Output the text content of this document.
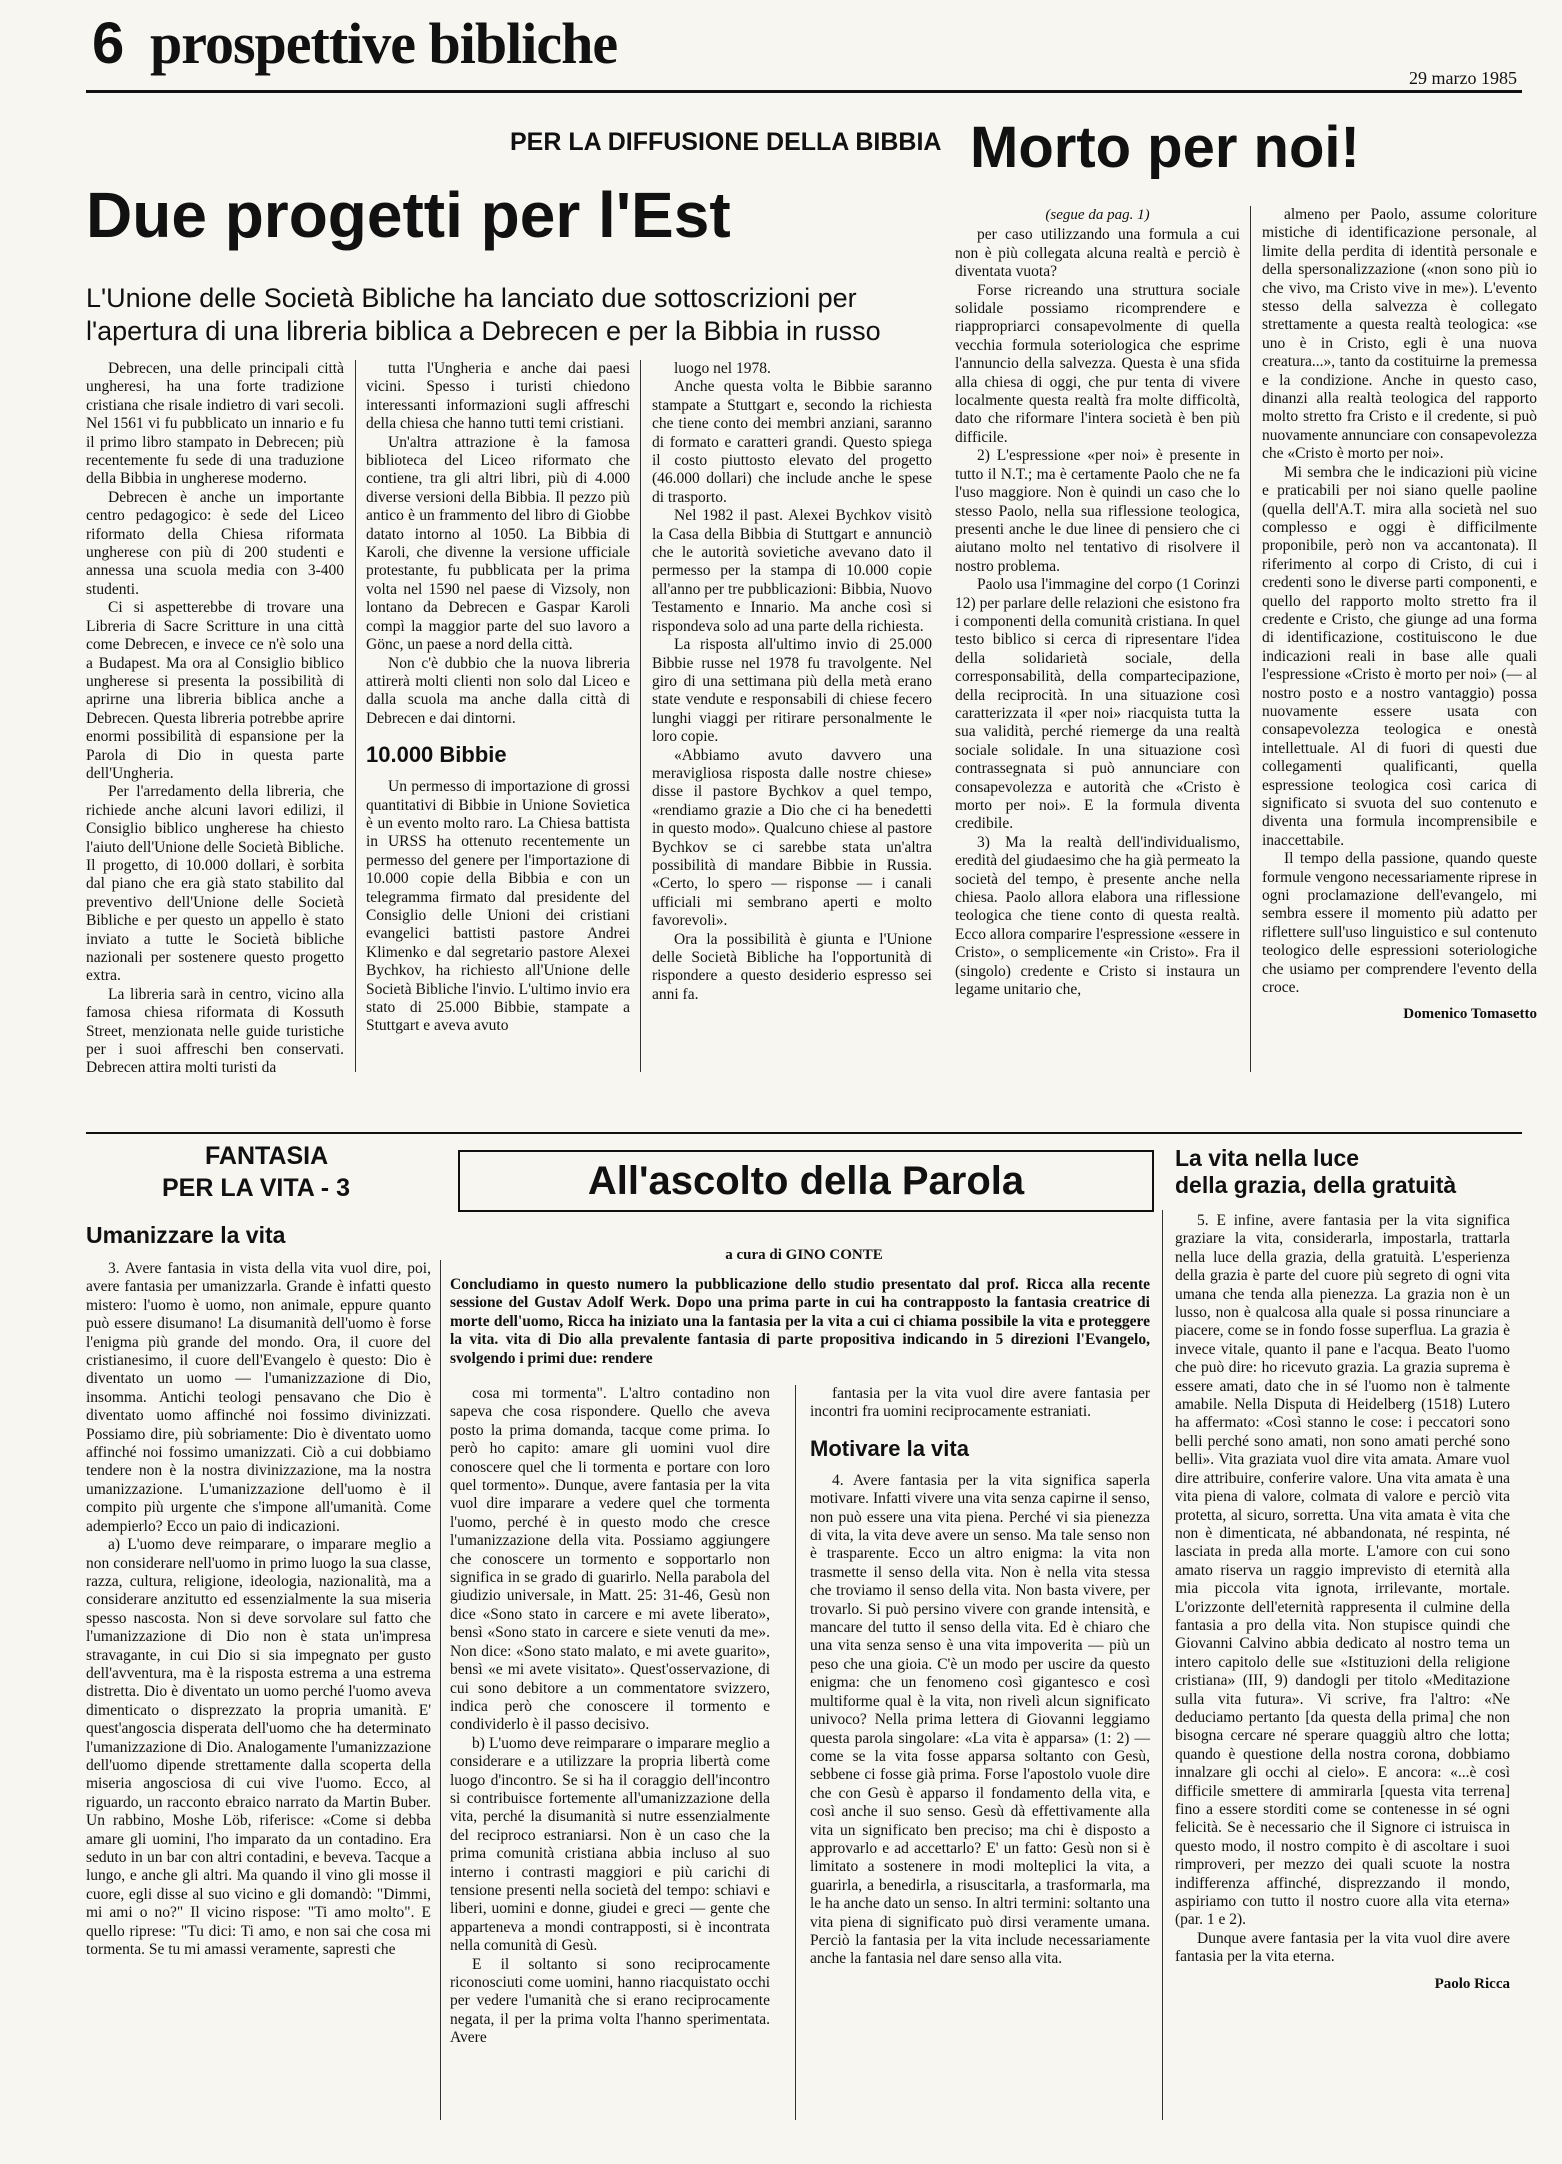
6 prospettive bibliche
29 marzo 1985
PER LA DIFFUSIONE DELLA BIBBIA
Due progetti per l'Est
L'Unione delle Società Bibliche ha lanciato due sottoscrizioni per l'apertura di una libreria biblica a Debrecen e per la Bibbia in russo

Debrecen, una delle principali città ungheresi, ha una forte tradizione cristiana che risale indietro di vari secoli. Nel 1561 vi fu pubblicato un innario e fu il primo libro stampato in Debrecen; più recentemente fu sede di una traduzione della Bibbia in ungherese moderno.

Debrecen è anche un importante centro pedagogico: è sede del Liceo riformato della Chiesa riformata ungherese con più di 200 studenti e annessa una scuola media con 3-400 studenti.

Ci si aspetterebbe di trovare una Libreria di Sacre Scritture in una città come Debrecen, e invece ce n'è solo una a Budapest. Ma ora al Consiglio biblico ungherese si presenta la possibilità di aprirne una libreria biblica anche a Debrecen. Questa libreria potrebbe aprire enormi possibilità di espansione per la Parola di Dio in questa parte dell'Ungheria.

Per l'arredamento della libreria, che richiede anche alcuni lavori edilizi, il Consiglio biblico ungherese ha chiesto l'aiuto dell'Unione delle Società Bibliche. Il progetto, di 10.000 dollari, è sorbita dal piano che era già stato stabilito dal preventivo dell'Unione delle Società Bibliche e per questo un appello è stato inviato a tutte le Società bibliche nazionali per sostenere questo progetto extra.

La libreria sarà in centro, vicino alla famosa chiesa riformata di Kossuth Street, menzionata nelle guide turistiche per i suoi affreschi ben conservati. Debrecen attira molti turisti da

tutta l'Ungheria e anche dai paesi vicini. Spesso i turisti chiedono interessanti informazioni sugli affreschi della chiesa che hanno tutti temi cristiani.

Un'altra attrazione è la famosa biblioteca del Liceo riformato che contiene, tra gli altri libri, più di 4.000 diverse versioni della Bibbia. Il pezzo più antico è un frammento del libro di Giobbe datato intorno al 1050. La Bibbia di Karoli, che divenne la versione ufficiale protestante, fu pubblicata per la prima volta nel 1590 nel paese di Vizsoly, non lontano da Debrecen e Gaspar Karoli compì la maggior parte del suo lavoro a Gönc, un paese a nord della città.

Non c'è dubbio che la nuova libreria attirerà molti clienti non solo dal Liceo e dalla scuola ma anche dalla città di Debrecen e dai dintorni.

10.000 Bibbie

Un permesso di importazione di grossi quantitativi di Bibbie in Unione Sovietica è un evento molto raro. La Chiesa battista in URSS ha ottenuto recentemente un permesso del genere per l'importazione di 10.000 copie della Bibbia e con un telegramma firmato dal presidente del Consiglio delle Unioni dei cristiani evangelici battisti pastore Andrei Klimenko e dal segretario pastore Alexei Bychkov, ha richiesto all'Unione delle Società Bibliche l'invio. L'ultimo invio era stato di 25.000 Bibbie, stampate a Stuttgart e aveva avuto

luogo nel 1978.

Anche questa volta le Bibbie saranno stampate a Stuttgart e, secondo la richiesta che tiene conto dei membri anziani, saranno di formato e caratteri grandi. Questo spiega il costo piuttosto elevato del progetto (46.000 dollari) che include anche le spese di trasporto.

Nel 1982 il past. Alexei Bychkov visitò la Casa della Bibbia di Stuttgart e annunciò che le autorità sovietiche avevano dato il permesso per la stampa di 10.000 copie all'anno per tre pubblicazioni: Bibbia, Nuovo Testamento e Innario. Ma anche così si rispondeva solo ad una parte della richiesta.

La risposta all'ultimo invio di 25.000 Bibbie russe nel 1978 fu travolgente. Nel giro di una settimana più della metà erano state vendute e responsabili di chiese fecero lunghi viaggi per ritirare personalmente le loro copie.

«Abbiamo avuto davvero una meravigliosa risposta dalle nostre chiese» disse il pastore Bychkov a quel tempo, «rendiamo grazie a Dio che ci ha benedetti in questo modo». Qualcuno chiese al pastore Bychkov se ci sarebbe stata un'altra possibilità di mandare Bibbie in Russia. «Certo, lo spero — risponse — i canali ufficiali mi sembrano aperti e molto favorevoli».

Ora la possibilità è giunta e l'Unione delle Società Bibliche ha l'opportunità di rispondere a questo desiderio espresso sei anni fa.

Morto per noi!
(segue da pag. 1)

per caso utilizzando una formula a cui non è più collegata alcuna realtà e perciò è diventata vuota?

Forse ricreando una struttura sociale solidale possiamo ricomprendere e riappropriarci consapevolmente di quella vecchia formula soteriologica che esprime l'annuncio della salvezza. Questa è una sfida alla chiesa di oggi, che pur tenta di vivere localmente questa realtà fra molte difficoltà, dato che riformare l'intera società è ben più difficile.

2) L'espressione «per noi» è presente in tutto il N.T.; ma è certamente Paolo che ne fa l'uso maggiore. Non è quindi un caso che lo stesso Paolo, nella sua riflessione teologica, presenti anche le due linee di pensiero che ci aiutano molto nel tentativo di risolvere il nostro problema.

Paolo usa l'immagine del corpo (1 Corinzi 12) per parlare delle relazioni che esistono fra i componenti della comunità cristiana. In quel testo biblico si cerca di ripresentare l'idea della solidarietà sociale, della corresponsabilità, della compartecipazione, della reciprocità. In una situazione così caratterizzata il «per noi» riacquista tutta la sua validità, perché riemerge da una realtà sociale solidale. In una situazione così contrassegnata si può annunciare con consapevolezza e autorità che «Cristo è morto per noi». E la formula diventa credibile.

3) Ma la realtà dell'individualismo, eredità del giudaesimo che ha già permeato la società del tempo, è presente anche nella chiesa. Paolo allora elabora una riflessione teologica che tiene conto di questa realtà. Ecco allora comparire l'espressione «essere in Cristo», o semplicemente «in Cristo». Fra il (singolo) credente e Cristo si instaura un legame unitario che,

almeno per Paolo, assume coloriture mistiche di identificazione personale, al limite della perdita di identità personale e della spersonalizzazione («non sono più io che vivo, ma Cristo vive in me»). L'evento stesso della salvezza è collegato strettamente a questa realtà teologica: «se uno è in Cristo, egli è una nuova creatura...», tanto da costituirne la premessa e la condizione. Anche in questo caso, dinanzi alla realtà teologica del rapporto molto stretto fra Cristo e il credente, si può nuovamente annunciare con consapevolezza che «Cristo è morto per noi».

Mi sembra che le indicazioni più vicine e praticabili per noi siano quelle paoline (quella dell'A.T. mira alla società nel suo complesso e oggi è difficilmente proponibile, però non va accantonata). Il riferimento al corpo di Cristo, di cui i credenti sono le diverse parti componenti, e quello del rapporto molto stretto fra il credente e Cristo, che giunge ad una forma di identificazione, costituiscono le due indicazioni reali in base alle quali l'espressione «Cristo è morto per noi» (— al nostro posto e a nostro vantaggio) possa nuovamente essere usata con consapevolezza teologica e onestà intellettuale. Al di fuori di questi due collegamenti qualificanti, quella espressione teologica così carica di significato si svuota del suo contenuto e diventa una formula incomprensibile e inaccettabile.

Il tempo della passione, quando queste formule vengono necessariamente riprese in ogni proclamazione dell'evangelo, mi sembra essere il momento più adatto per riflettere sull'uso linguistico e sul contenuto teologico delle espressioni soteriologiche che usiamo per comprendere l'evento della croce.

Domenico Tomasetto
FANTASIA
PER LA VITA - 3	All'ascolto della Parola
a cura di GINO CONTE
La vita nella luce
della grazia, della gratuità
Umanizzare la vita
Concludiamo in questo numero la pubblicazione dello studio presentato dal prof. Ricca alla recente sessione del Gustav Adolf Werk. Dopo una prima parte in cui ha contrapposto la fantasia creatrice di morte dell'uomo, Ricca ha iniziato una la fantasia per la vita a cui ci chiama possibile la vita e proteggere la vita. vita di Dio alla prevalente fantasia di parte propositiva indicando in 5 direzioni l'Evangelo, svolgendo i primi due: rendere

3. Avere fantasia in vista della vita vuol dire, poi, avere fantasia per umanizzarla. Grande è infatti questo mistero: l'uomo è uomo, non animale, eppure quanto può essere disumano! La disumanità dell'uomo è forse l'enigma più grande del mondo. Ora, il cuore del cristianesimo, il cuore dell'Evangelo è questo: Dio è diventato un uomo — l'umanizzazione di Dio, insomma. Antichi teologi pensavano che Dio è diventato uomo affinché noi fossimo divinizzati. Possiamo dire, più sobriamente: Dio è diventato uomo affinché noi fossimo umanizzati. Ciò a cui dobbiamo tendere non è la nostra divinizzazione, ma la nostra umanizzazione. L'umanizzazione dell'uomo è il compito più urgente che s'impone all'umanità. Come adempierlo? Ecco un paio di indicazioni.

a) L'uomo deve reimparare, o imparare meglio a non considerare nell'uomo in primo luogo la sua classe, razza, cultura, religione, ideologia, nazionalità, ma a considerare anzitutto ed essenzialmente la sua miseria spesso nascosta. Non si deve sorvolare sul fatto che l'umanizzazione di Dio non è stata un'impresa stravagante, in cui Dio si sia impegnato per gusto dell'avventura, ma è la risposta estrema a una estrema distretta. Dio è diventato un uomo perché l'uomo aveva dimenticato o disprezzato la propria umanità. E' quest'angoscia disperata dell'uomo che ha determinato l'umanizzazione di Dio. Analogamente l'umanizzazione dell'uomo dipende strettamente dalla scoperta della miseria angosciosa di cui vive l'uomo. Ecco, al riguardo, un racconto ebraico narrato da Martin Buber. Un rabbino, Moshe Löb, riferisce: «Come si debba amare gli uomini, l'ho imparato da un contadino. Era seduto in un bar con altri contadini, e beveva. Tacque a lungo, e anche gli altri. Ma quando il vino gli mosse il cuore, egli disse al suo vicino e gli domandò: "Dimmi, mi ami o no?" Il vicino rispose: "Ti amo molto". E quello riprese: "Tu dici: Ti amo, e non sai che cosa mi tormenta. Se tu mi amassi veramente, sapresti che

cosa mi tormenta". L'altro contadino non sapeva che cosa rispondere. Quello che aveva posto la prima domanda, tacque come prima. Io però ho capito: amare gli uomini vuol dire conoscere quel che li tormenta e portare con loro quel tormento». Dunque, avere fantasia per la vita vuol dire imparare a vedere quel che tormenta l'uomo, perché è in questo modo che cresce l'umanizzazione della vita. Possiamo aggiungere che conoscere un tormento e sopportarlo non significa in se grado di guarirlo. Nella parabola del giudizio universale, in Matt. 25: 31-46, Gesù non dice «Sono stato in carcere e mi avete liberato», bensì «Sono stato in carcere e siete venuti da me». Non dice: «Sono stato malato, e mi avete guarito», bensì «e mi avete visitato». Quest'osservazione, di cui sono debitore a un commentatore svizzero, indica però che conoscere il tormento e condividerlo è il passo decisivo.

b) L'uomo deve reimparare o imparare meglio a considerare e a utilizzare la propria libertà come luogo d'incontro. Se si ha il coraggio dell'incontro si contribuisce fortemente all'umanizzazione della vita, perché la disumanità si nutre essenzialmente del reciproco estraniarsi. Non è un caso che la prima comunità cristiana abbia incluso al suo interno i contrasti maggiori e più carichi di tensione presenti nella società del tempo: schiavi e liberi, uomini e donne, giudei e greci — gente che apparteneva a mondi contrapposti, si è incontrata nella comunità di Gesù.

E il soltanto si sono reciprocamente riconosciuti come uomini, hanno riacquistato occhi per vedere l'umanità che si erano reciprocamente negata, il per la prima volta l'hanno sperimentata. Avere

fantasia per la vita vuol dire avere fantasia per incontri fra uomini reciprocamente estraniati.

Motivare la vita

4. Avere fantasia per la vita significa saperla motivare. Infatti vivere una vita senza capirne il senso, non può essere una vita piena. Perché vi sia pienezza di vita, la vita deve avere un senso. Ma tale senso non è trasparente. Ecco un altro enigma: la vita non trasmette il senso della vita. Non è nella vita stessa che troviamo il senso della vita. Non basta vivere, per trovarlo. Si può persino vivere con grande intensità, e mancare del tutto il senso della vita. Ed è chiaro che una vita senza senso è una vita impoverita — più un peso che una gioia. C'è un modo per uscire da questo enigma: che un fenomeno così gigantesco e così multiforme qual è la vita, non rivelì alcun significato univoco? Nella prima lettera di Giovanni leggiamo questa parola singolare: «La vita è apparsa» (1: 2) — come se la vita fosse apparsa soltanto con Gesù, sebbene ci fosse già prima. Forse l'apostolo vuole dire che con Gesù è apparso il fondamento della vita, e così anche il suo senso. Gesù dà effettivamente alla vita un significato ben preciso; ma chi è disposto a approvarlo e ad accettarlo? E' un fatto: Gesù non si è limitato a sostenere in modi molteplici la vita, a guarirla, a benedirla, a risuscitarla, a trasformarla, ma le ha anche dato un senso. In altri termini: soltanto una vita piena di significato può dirsi veramente umana. Perciò la fantasia per la vita include necessariamente anche la fantasia nel dare senso alla vita.

5. E infine, avere fantasia per la vita significa graziare la vita, considerarla, impostarla, trattarla nella luce della grazia, della gratuità. L'esperienza della grazia è parte del cuore più segreto di ogni vita umana che tenda alla pienezza. La grazia non è un lusso, non è qualcosa alla quale si possa rinunciare a piacere, come se in fondo fosse superflua. La grazia è invece vitale, quanto il pane e l'acqua. Beato l'uomo che può dire: ho ricevuto grazia. La grazia suprema è essere amati, dato che in sé l'uomo non è talmente amabile. Nella Disputa di Heidelberg (1518) Lutero ha affermato: «Così stanno le cose: i peccatori sono belli perché sono amati, non sono amati perché sono belli». Vita graziata vuol dire vita amata. Amare vuol dire attribuire, conferire valore. Una vita amata è una vita piena di valore, colmata di valore e perciò vita protetta, al sicuro, sorretta. Una vita amata è vita che non è dimenticata, né abbandonata, né respinta, né lasciata in preda alla morte. L'amore con cui sono amato riserva un raggio imprevisto di eternità alla mia piccola vita ignota, irrilevante, mortale. L'orizzonte dell'eternità rappresenta il culmine della fantasia a pro della vita. Non stupisce quindi che Giovanni Calvino abbia dedicato al nostro tema un intero capitolo delle sue «Istituzioni della religione cristiana» (III, 9) dandogli per titolo «Meditazione sulla vita futura». Vi scrive, fra l'altro: «Ne deduciamo pertanto [da questa della prima] che non bisogna cercare né sperare quaggiù altro che lotta; quando è questione della nostra corona, dobbiamo innalzare gli occhi al cielo». E ancora: «...è così difficile smettere di ammirarla [questa vita terrena] fino a essere storditi come se contenesse in sé ogni felicità. Se è necessario che il Signore ci istruisca in questo modo, il nostro compito è di ascoltare i suoi rimproveri, per mezzo dei quali scuote la nostra indifferenza affinché, disprezzando il mondo, aspiriamo con tutto il nostro cuore alla vita eterna» (par. 1 e 2).

Dunque avere fantasia per la vita vuol dire avere fantasia per la vita eterna.

Paolo Ricca
